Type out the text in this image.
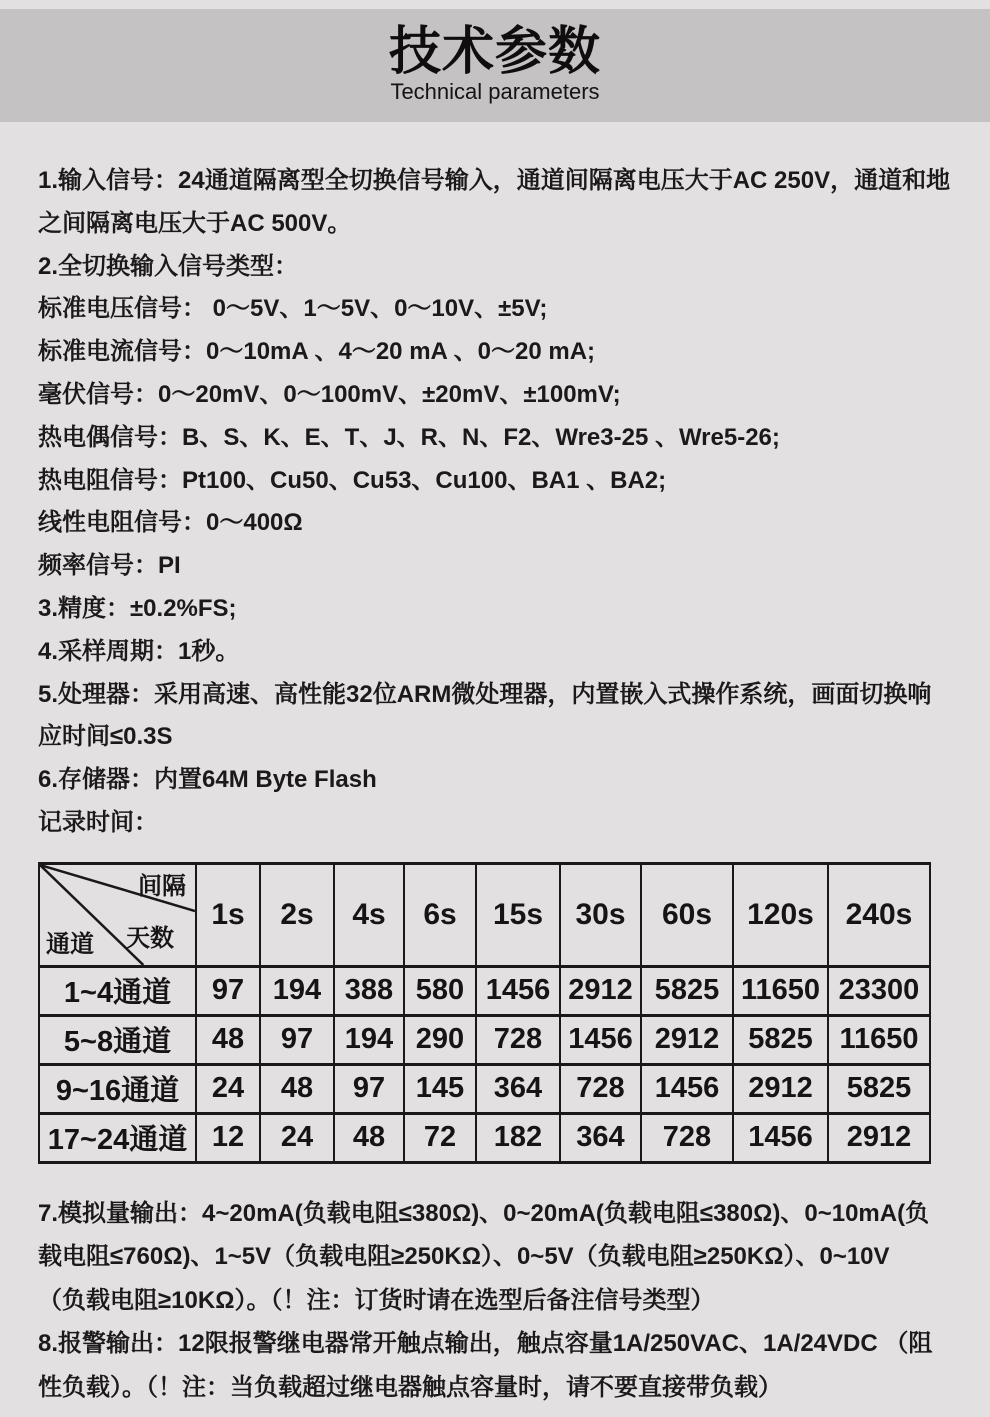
技术参数
Technical parameters

1.输入信号：24通道隔离型全切换信号输入，通道间隔离电压大于AC 250V，通道和地

之间隔离电压大于AC 500V。

2.全切换输入信号类型：

标准电压信号： 0～5V、1～5V、0～10V、±5V;

标准电流信号：0～10mA 、4～20 mA 、0～20 mA;

毫伏信号：0～20mV、0～100mV、±20mV、±100mV;

热电偶信号：B、S、K、E、T、J、R、N、F2、Wre3-25 、Wre5-26;

热电阻信号：Pt100、Cu50、Cu53、Cu100、BA1 、BA2;

线性电阻信号：0～400Ω

频率信号：PI

3.精度：±0.2%FS;

4.采样周期：1秒。

5.处理器：采用高速、高性能32位ARM微处理器，内置嵌入式操作系统，画面切换响

应时间≤0.3S

6.存储器：内置64M Byte Flash

记录时间：

间隔
天数
通道	1s	2s	4s	6s	15s	30s	60s	120s	240s
1~4通道	97	194	388	580	1456	2912	5825	11650	23300
5~8通道	48	97	194	290	728	1456	2912	5825	11650
9~16通道	24	48	97	145	364	728	1456	2912	5825
17~24通道	12	24	48	72	182	364	728	1456	2912

7.模拟量输出：4~20mA(负载电阻≤380Ω)、0~20mA(负载电阻≤380Ω)、0~10mA(负

载电阻≤760Ω)、1~5V（负载电阻≥250KΩ）、0~5V（负载电阻≥250KΩ）、0~10V

（负载电阻≥10KΩ）。（！注：订货时请在选型后备注信号类型）

8.报警输出：12限报警继电器常开触点输出，触点容量1A/250VAC、1A/24VDC （阻

性负载）。（！注：当负载超过继电器触点容量时，请不要直接带负载）
